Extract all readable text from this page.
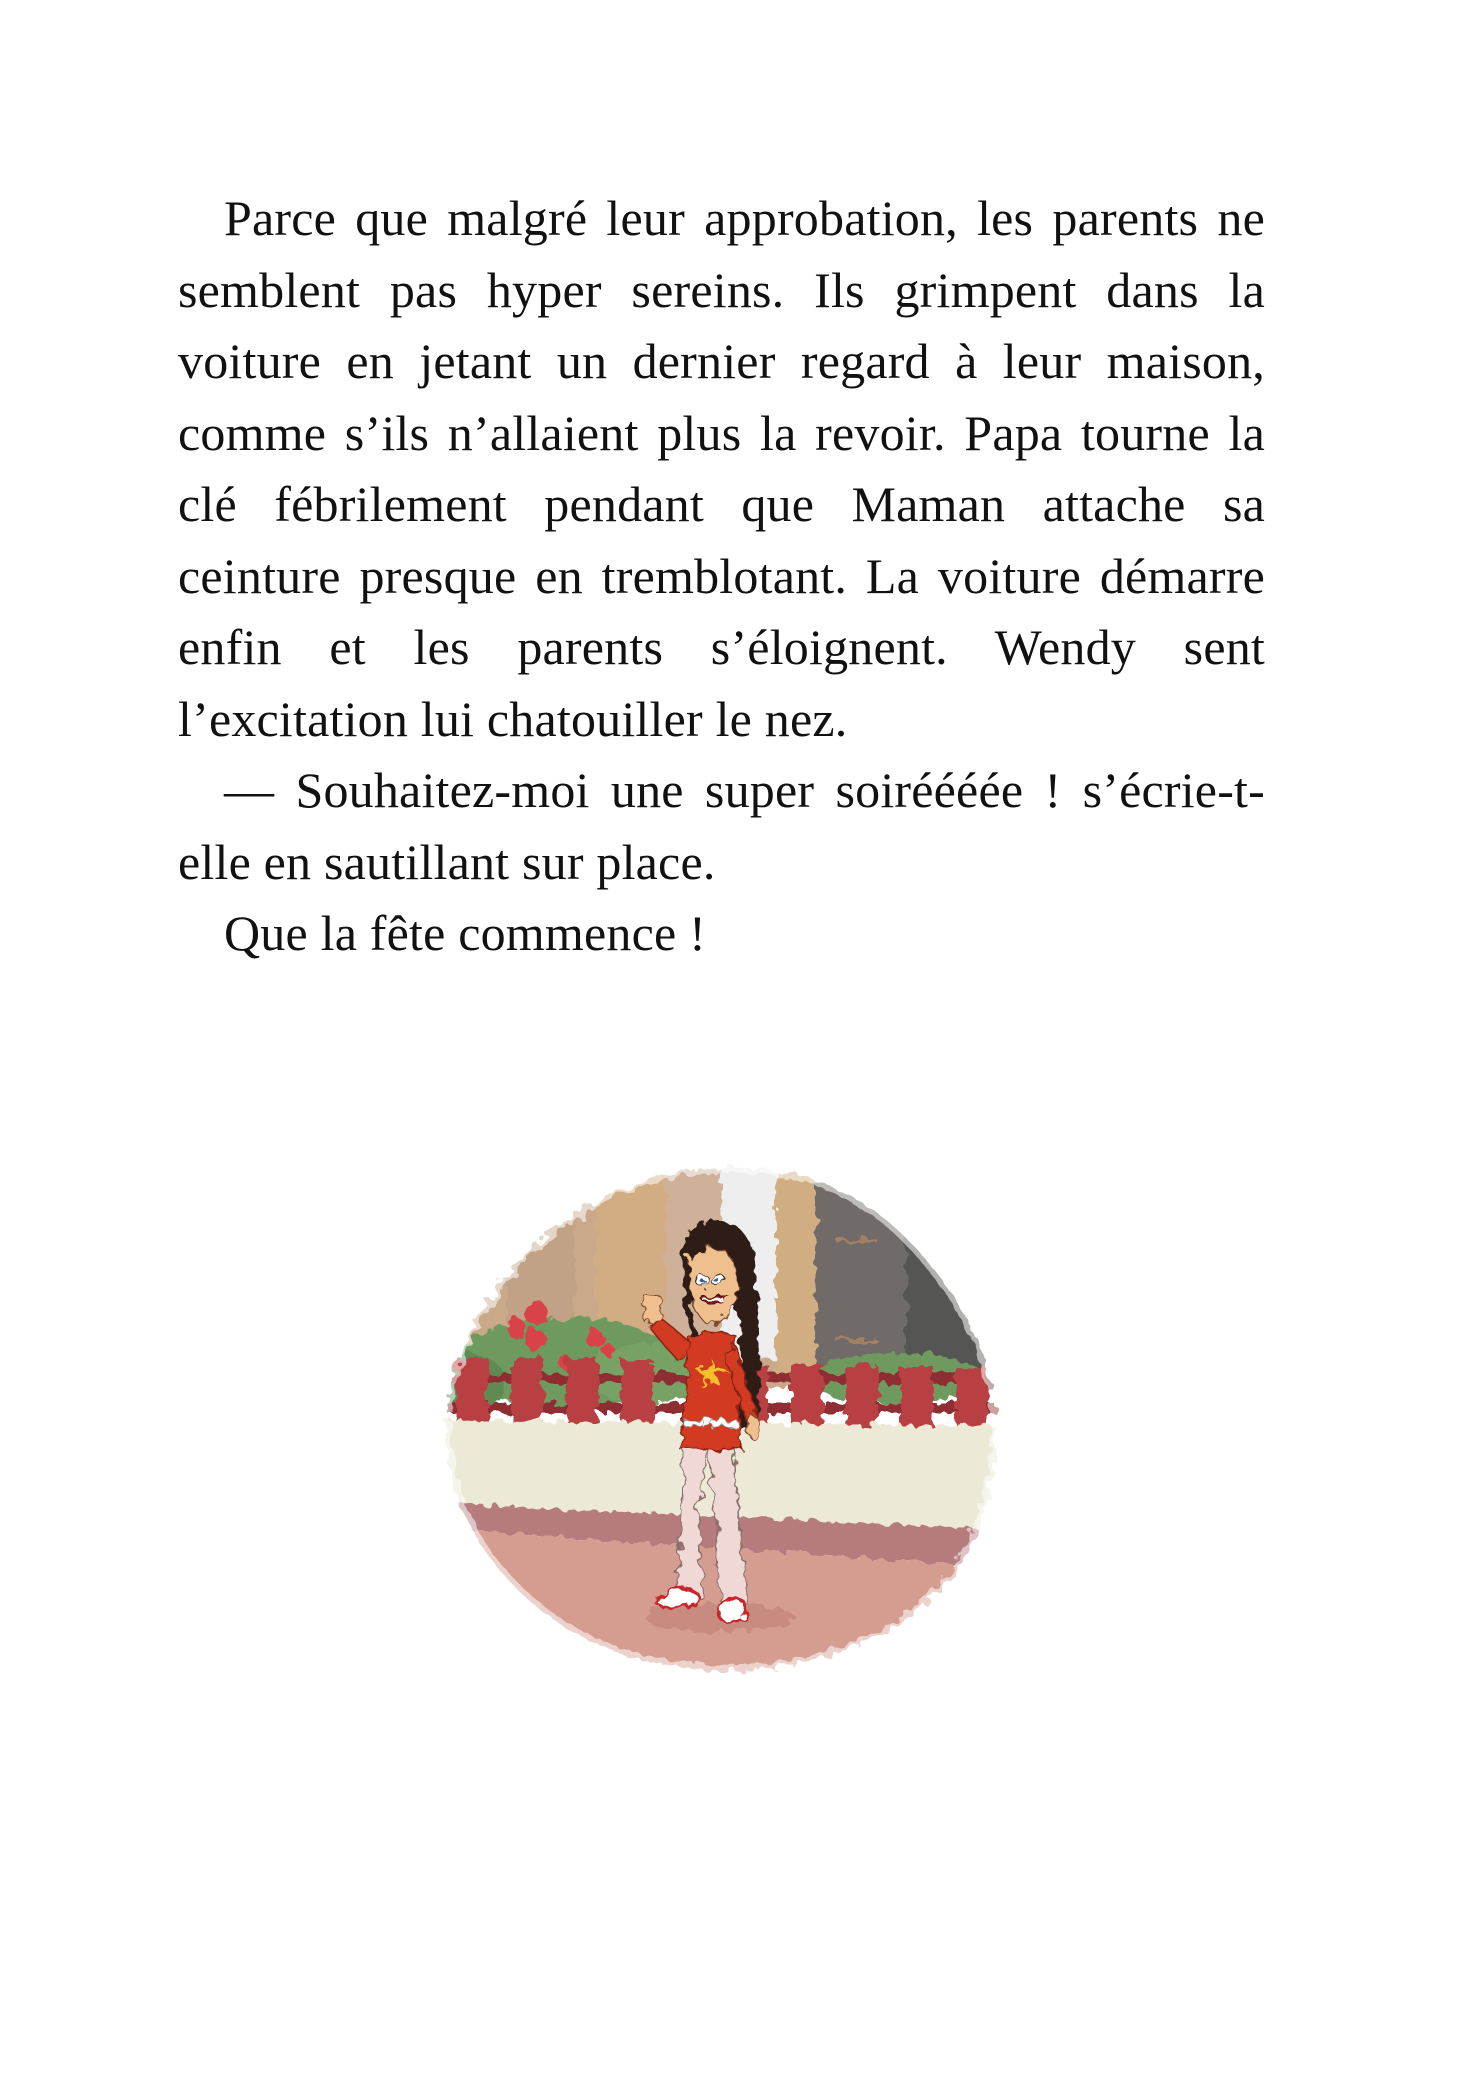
Parce que malgré leur approbation, les parents ne semblent pas hyper sereins. Ils grimpent dans la voiture en jetant un dernier regard à leur maison, comme s’ils n’allaient plus la revoir. Papa tourne la clé fébrilement pendant que Maman attache sa ceinture presque en tremblotant. La voiture démarre enfin et les parents s’éloignent. Wendy sent l’excitation lui chatouiller le nez.

— Souhaitez-moi une super soiréééée ! s’écrie-t-elle en sautillant sur place.

Que la fête commence !
